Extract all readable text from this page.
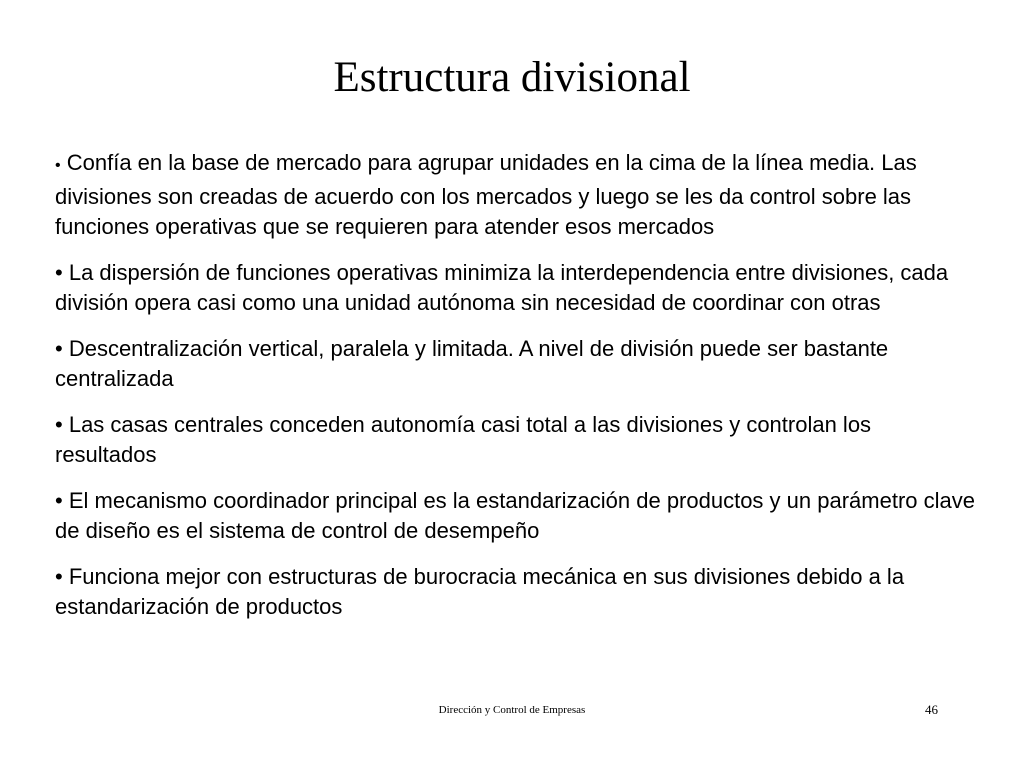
Estructura divisional
• Confía en la base de mercado para agrupar unidades en la cima de la línea media. Las divisiones son creadas de acuerdo con los mercados y luego se les da control sobre las funciones operativas que se requieren para atender esos mercados
• La dispersión de funciones operativas minimiza la interdependencia entre divisiones, cada división opera casi como una unidad autónoma sin necesidad de coordinar con otras
• Descentralización vertical, paralela y limitada. A nivel de división puede ser bastante centralizada
• Las casas centrales conceden autonomía casi total a las divisiones y controlan los resultados
• El mecanismo coordinador principal es la estandarización de productos y un parámetro clave de diseño es el sistema de control de desempeño
• Funciona mejor con estructuras de burocracia mecánica en sus divisiones debido a la estandarización de productos
Dirección y Control de Empresas	46
